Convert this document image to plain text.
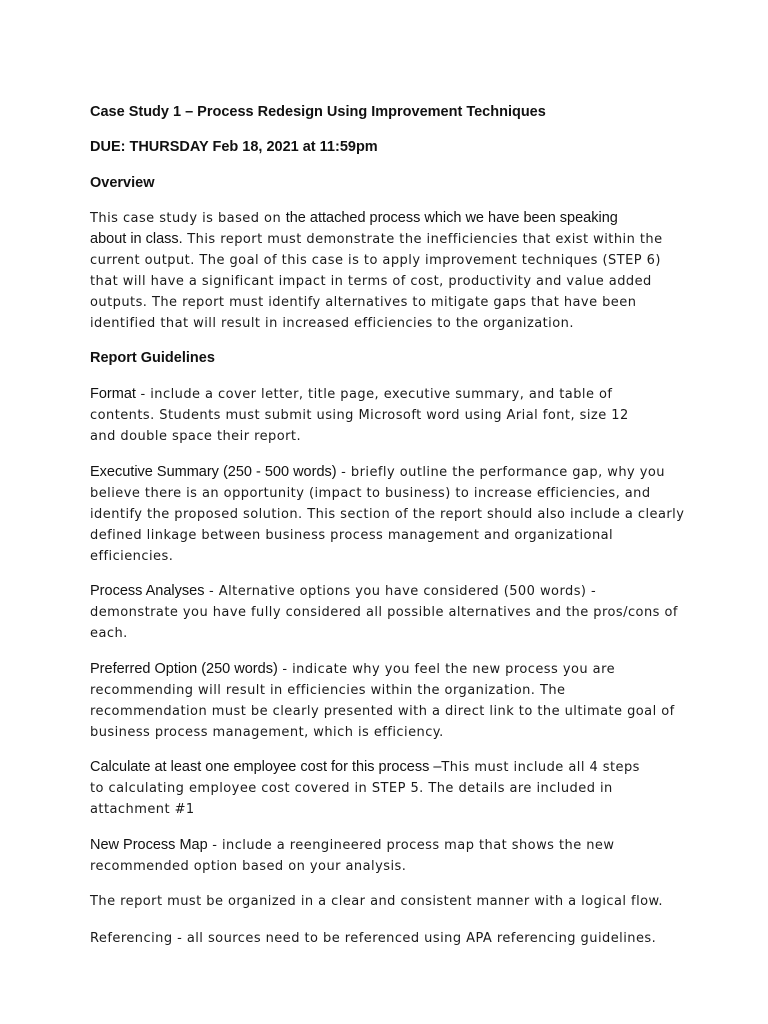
Case Study 1 – Process Redesign Using Improvement Techniques
DUE: THURSDAY Feb 18, 2021 at 11:59pm
Overview
This case study is based on the attached process which we have been speaking
about in class. This report must demonstrate the inefficiencies that exist within the
current output. The goal of this case is to apply improvement techniques (STEP 6)
that will have a significant impact in terms of cost, productivity and value added
outputs. The report must identify alternatives to mitigate gaps that have been
identified that will result in increased efficiencies to the organization.
Report Guidelines
Format - include a cover letter, title page, executive summary, and table of
contents. Students must submit using Microsoft word using Arial font, size 12
and double space their report.
Executive Summary (250 - 500 words) - briefly outline the performance gap, why you
believe there is an opportunity (impact to business) to increase efficiencies, and
identify the proposed solution. This section of the report should also include a clearly
defined linkage between business process management and organizational
efficiencies.
Process Analyses - Alternative options you have considered (500 words) -
demonstrate you have fully considered all possible alternatives and the pros/cons of
each.
Preferred Option (250 words) - indicate why you feel the new process you are
recommending will result in efficiencies within the organization. The
recommendation must be clearly presented with a direct link to the ultimate goal of
business process management, which is efficiency.
Calculate at least one employee cost for this process –This must include all 4 steps
to calculating employee cost covered in STEP 5. The details are included in
attachment #1
New Process Map - include a reengineered process map that shows the new
recommended option based on your analysis.
The report must be organized in a clear and consistent manner with a logical flow.
Referencing - all sources need to be referenced using APA referencing guidelines.
